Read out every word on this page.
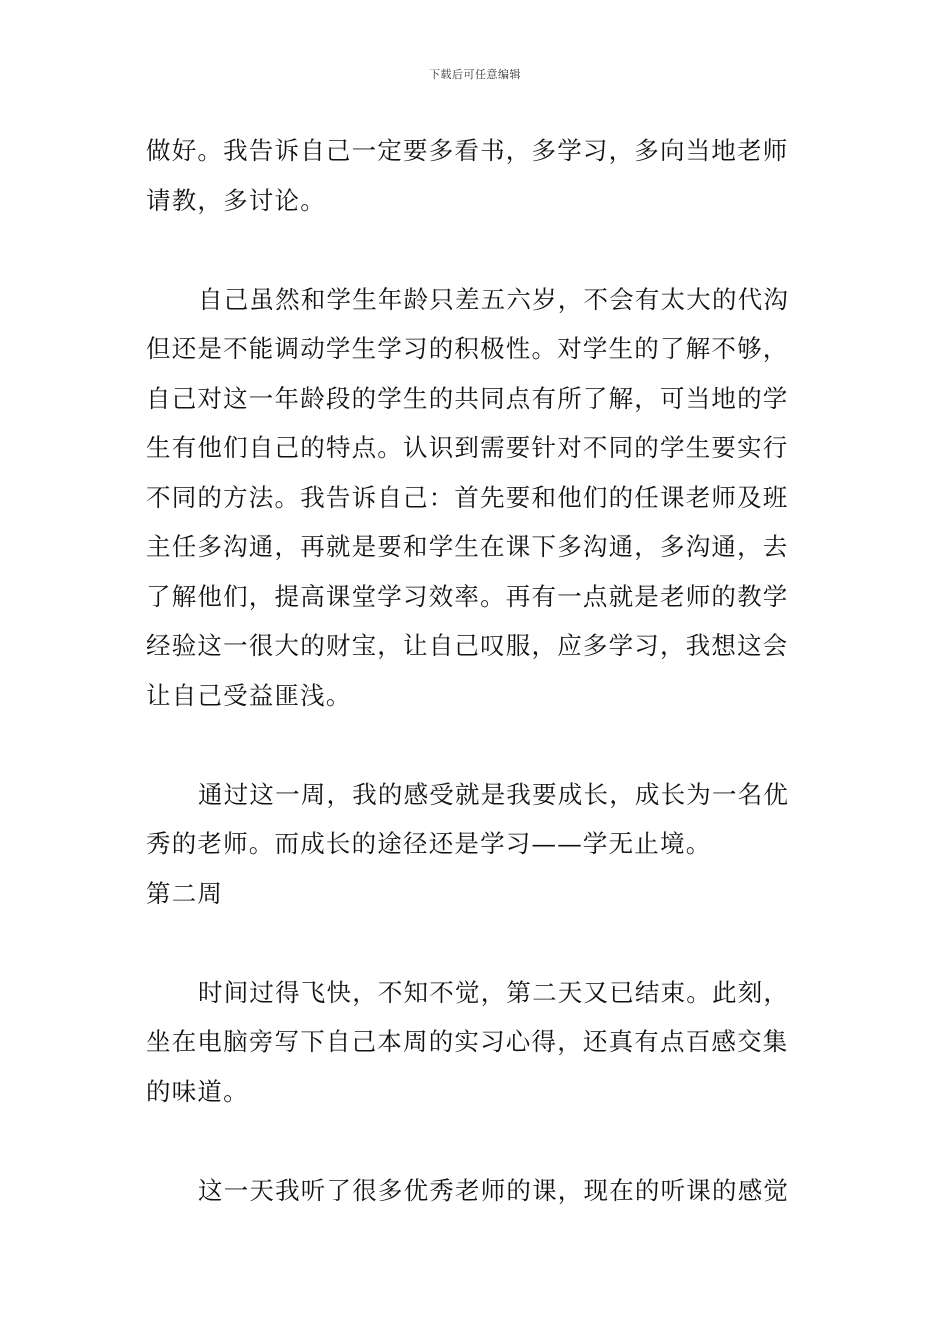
下载后可任意编辑
做好。我告诉自己一定要多看书，多学习，多向当地老师
请教，多讨论。
自己虽然和学生年龄只差五六岁，不会有太大的代沟
但还是不能调动学生学习的积极性。对学生的了解不够，
自己对这一年龄段的学生的共同点有所了解，可当地的学
生有他们自己的特点。认识到需要针对不同的学生要实行
不同的方法。我告诉自己：首先要和他们的任课老师及班
主任多沟通，再就是要和学生在课下多沟通，多沟通，去
了解他们，提高课堂学习效率。再有一点就是老师的教学
经验这一很大的财宝，让自己叹服，应多学习，我想这会
让自己受益匪浅。
通过这一周，我的感受就是我要成长，成长为一名优
秀的老师。而成长的途径还是学习——学无止境。
第二周
时间过得飞快，不知不觉，第二天又已结束。此刻，
坐在电脑旁写下自己本周的实习心得，还真有点百感交集
的味道。
这一天我听了很多优秀老师的课，现在的听课的感觉
